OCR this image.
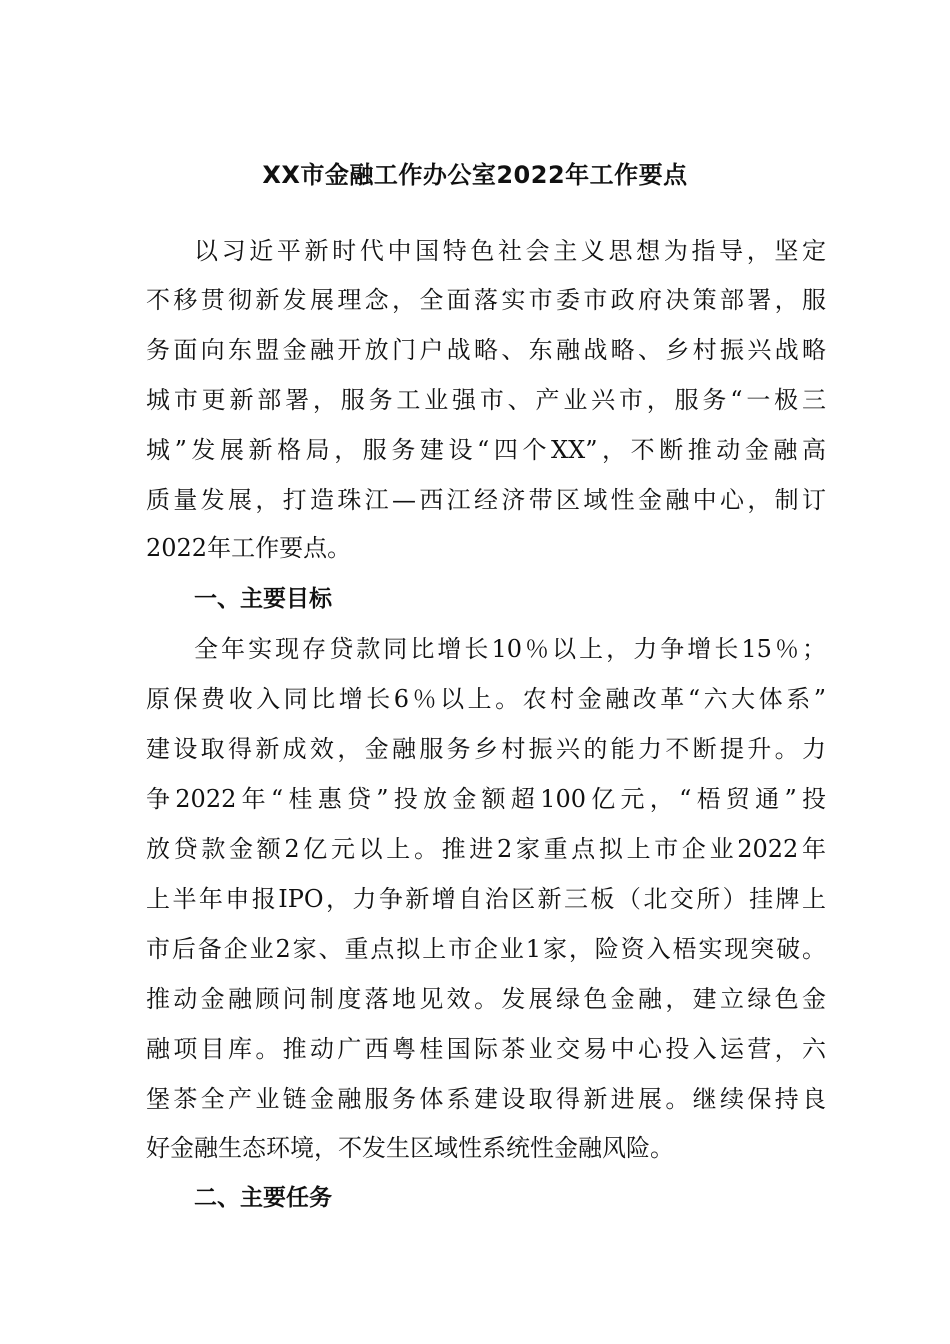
XX市金融工作办公室2022年工作要点
以习近平新时代中国特色社会主义思想为指导，坚定
不移贯彻新发展理念，全面落实市委市政府决策部署，服
务面向东盟金融开放门户战略、东融战略、乡村振兴战略
城市更新部署，服务工业强市、产业兴市，服务“一极三
城”发展新格局，服务建设“四个XX”，不断推动金融高
质量发展，打造珠江—西江经济带区域性金融中心，制订
2022年工作要点。
一、主要目标
全年实现存贷款同比增长10％以上，力争增长15％；
原保费收入同比增长6％以上。农村金融改革“六大体系”
建设取得新成效，金融服务乡村振兴的能力不断提升。力
争2022年“桂惠贷”投放金额超100亿元，“梧贸通”投
放贷款金额2亿元以上。推进2家重点拟上市企业2022年
上半年申报IPO，力争新增自治区新三板（北交所）挂牌上
市后备企业2家、重点拟上市企业1家，险资入梧实现突破。
推动金融顾问制度落地见效。发展绿色金融，建立绿色金
融项目库。推动广西粤桂国际茶业交易中心投入运营，六
堡茶全产业链金融服务体系建设取得新进展。继续保持良
好金融生态环境，不发生区域性系统性金融风险。
二、主要任务
